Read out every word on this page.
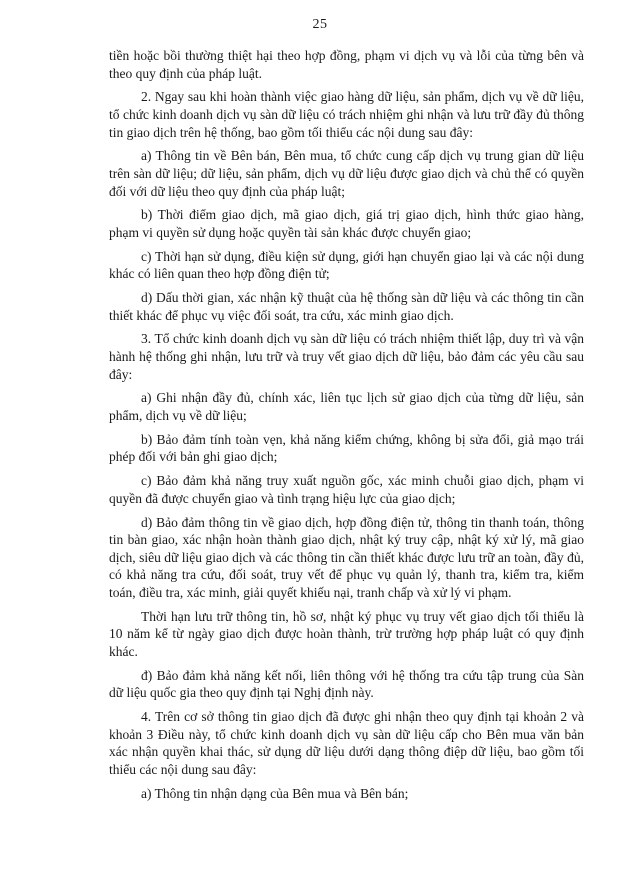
25

tiền hoặc bồi thường thiệt hại theo hợp đồng, phạm vi dịch vụ và lỗi của từng bên và theo quy định của pháp luật.

2. Ngay sau khi hoàn thành việc giao hàng dữ liệu, sản phẩm, dịch vụ về dữ liệu, tổ chức kinh doanh dịch vụ sàn dữ liệu có trách nhiệm ghi nhận và lưu trữ đầy đủ thông tin giao dịch trên hệ thống, bao gồm tối thiểu các nội dung sau đây:

a) Thông tin về Bên bán, Bên mua, tổ chức cung cấp dịch vụ trung gian dữ liệu trên sàn dữ liệu; dữ liệu, sản phẩm, dịch vụ dữ liệu được giao dịch và chủ thể có quyền đối với dữ liệu theo quy định của pháp luật;

b) Thời điểm giao dịch, mã giao dịch, giá trị giao dịch, hình thức giao hàng, phạm vi quyền sử dụng hoặc quyền tài sản khác được chuyển giao;

c) Thời hạn sử dụng, điều kiện sử dụng, giới hạn chuyển giao lại và các nội dung khác có liên quan theo hợp đồng điện tử;

d) Dấu thời gian, xác nhận kỹ thuật của hệ thống sàn dữ liệu và các thông tin cần thiết khác để phục vụ việc đối soát, tra cứu, xác minh giao dịch.

3. Tổ chức kinh doanh dịch vụ sàn dữ liệu có trách nhiệm thiết lập, duy trì và vận hành hệ thống ghi nhận, lưu trữ và truy vết giao dịch dữ liệu, bảo đảm các yêu cầu sau đây:

a) Ghi nhận đầy đủ, chính xác, liên tục lịch sử giao dịch của từng dữ liệu, sản phẩm, dịch vụ về dữ liệu;

b) Bảo đảm tính toàn vẹn, khả năng kiểm chứng, không bị sửa đổi, giả mạo trái phép đối với bản ghi giao dịch;

c) Bảo đảm khả năng truy xuất nguồn gốc, xác minh chuỗi giao dịch, phạm vi quyền đã được chuyển giao và tình trạng hiệu lực của giao dịch;

d) Bảo đảm thông tin về giao dịch, hợp đồng điện tử, thông tin thanh toán, thông tin bàn giao, xác nhận hoàn thành giao dịch, nhật ký truy cập, nhật ký xử lý, mã giao dịch, siêu dữ liệu giao dịch và các thông tin cần thiết khác được lưu trữ an toàn, đầy đủ, có khả năng tra cứu, đối soát, truy vết để phục vụ quản lý, thanh tra, kiểm tra, kiểm toán, điều tra, xác minh, giải quyết khiếu nại, tranh chấp và xử lý vi phạm.

Thời hạn lưu trữ thông tin, hồ sơ, nhật ký phục vụ truy vết giao dịch tối thiểu là 10 năm kể từ ngày giao dịch được hoàn thành, trừ trường hợp pháp luật có quy định khác.

đ) Bảo đảm khả năng kết nối, liên thông với hệ thống tra cứu tập trung của Sàn dữ liệu quốc gia theo quy định tại Nghị định này.

4. Trên cơ sở thông tin giao dịch đã được ghi nhận theo quy định tại khoản 2 và khoản 3 Điều này, tổ chức kinh doanh dịch vụ sàn dữ liệu cấp cho Bên mua văn bản xác nhận quyền khai thác, sử dụng dữ liệu dưới dạng thông điệp dữ liệu, bao gồm tối thiểu các nội dung sau đây:

a) Thông tin nhận dạng của Bên mua và Bên bán;
